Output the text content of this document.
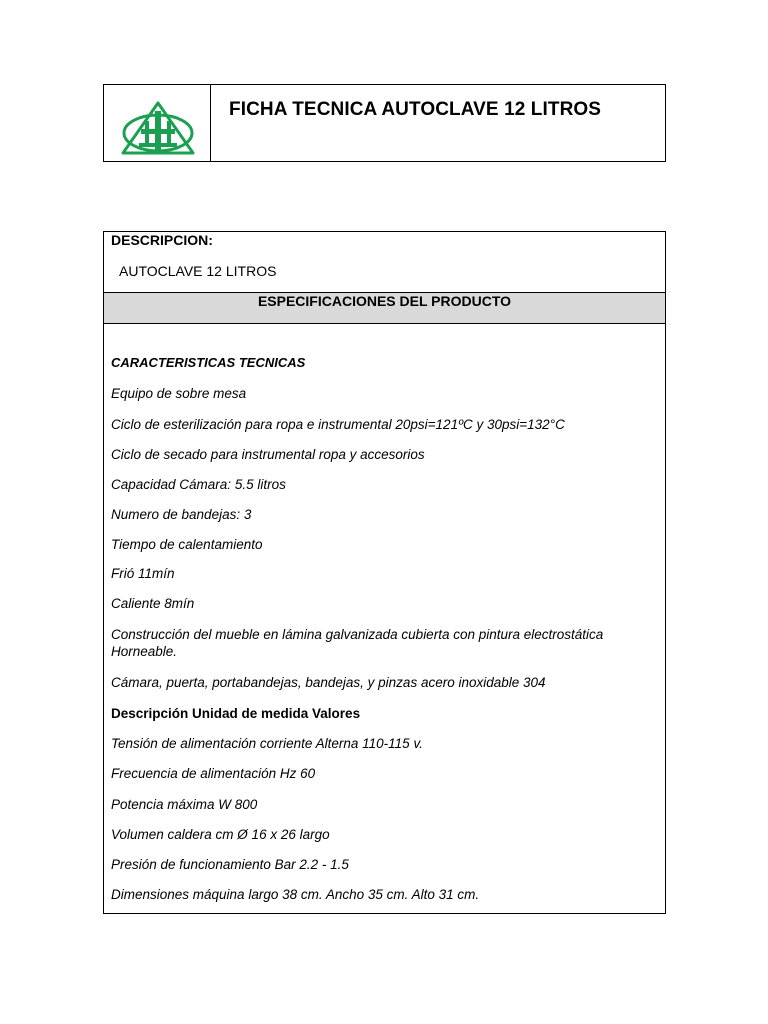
FICHA TECNICA AUTOCLAVE 12 LITROS
DESCRIPCION:
AUTOCLAVE 12 LITROS
ESPECIFICACIONES DEL PRODUCTO
CARACTERISTICAS TECNICAS
Equipo de sobre mesa
Ciclo de esterilización para ropa e instrumental 20psi=121ºC y 30psi=132°C
Ciclo de secado para instrumental ropa y accesorios
Capacidad Cámara: 5.5 litros
Numero de bandejas: 3
Tiempo de calentamiento
Frió 11mín
Caliente 8mín
Construcción del mueble en lámina galvanizada cubierta con pintura electrostática Horneable.
Cámara, puerta, portabandejas, bandejas, y pinzas acero inoxidable 304
Descripción Unidad de medida Valores
Tensión de alimentación corriente Alterna 110-115 v.
Frecuencia de alimentación Hz 60
Potencia máxima W 800
Volumen caldera cm Ø 16 x 26 largo
Presión de funcionamiento Bar 2.2 - 1.5
Dimensiones máquina largo 38 cm. Ancho 35 cm. Alto 31 cm.
